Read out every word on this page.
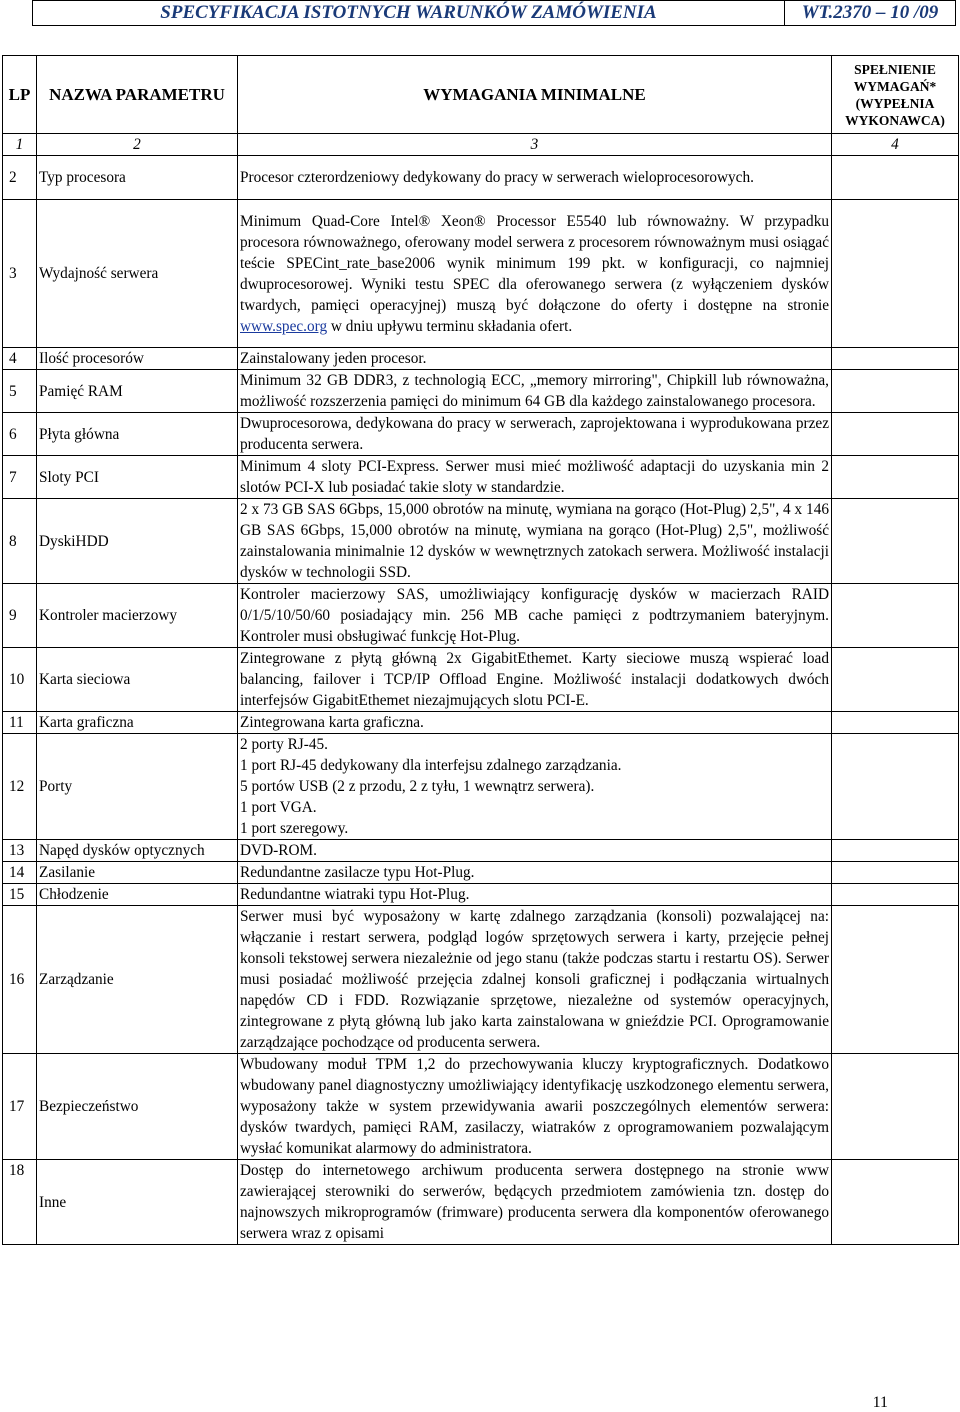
SPECYFIKACJA ISTOTNYCH WARUNKÓW ZAMÓWIENIA	WT.2370 – 10 /09
LP	NAZWA PARAMETRU	WYMAGANIA MINIMALNE	SPEŁNIENIE WYMAGAŃ* (WYPEŁNIA WYKONAWCA)
1	2	3	4
2	Typ procesora	Procesor czterordzeniowy dedykowany do pracy w serwerach wieloprocesorowych.	

3	Wydajność serwera	Minimum Quad-Core Intel® Xeon® Processor E5540 lub równoważny. W przypadku procesora równoważnego, oferowany model serwera z procesorem równoważnym musi osiągać teście SPECint_rate_base2006 wynik minimum 199 pkt. w konfiguracji, co najmniej dwuprocesorowej. Wyniki testu SPEC dla oferowanego serwera (z wyłączeniem dysków twardych, pamięci operacyjnej) muszą być dołączone do oferty i dostępne na stronie www.spec.org w dniu upływu terminu składania ofert.	

4	Ilość procesorów	Zainstalowany jeden procesor.	

5	Pamięć RAM	Minimum 32 GB DDR3, z technologią ECC, „memory mirroring", Chipkill lub równoważna, możliwość rozszerzenia pamięci do minimum 64 GB dla każdego zainstalowanego procesora.	

6	Płyta główna	Dwuprocesorowa, dedykowana do pracy w serwerach, zaprojektowana i wyprodukowana przez producenta serwera.	

7	Sloty PCI	Minimum 4 sloty PCI-Express. Serwer musi mieć możliwość adaptacji do uzyskania min 2 slotów PCI-X lub posiadać takie sloty w standardzie.	

8	DyskiHDD	2 x 73 GB SAS 6Gbps, 15,000 obrotów na minutę, wymiana na gorąco (Hot-Plug) 2,5", 4 x 146 GB SAS 6Gbps, 15,000 obrotów na minutę, wymiana na gorąco (Hot-Plug) 2,5", możliwość zainstalowania minimalnie 12 dysków w wewnętrznych zatokach serwera. Możliwość instalacji dysków w technologii SSD.	

9	Kontroler macierzowy	Kontroler macierzowy SAS, umożliwiający konfigurację dysków w macierzach RAID 0/1/5/10/50/60 posiadający min. 256 MB cache pamięci z podtrzymaniem bateryjnym. Kontroler musi obsługiwać funkcję Hot-Plug.	

10	Karta sieciowa	Zintegrowane z płytą główną 2x GigabitEthemet. Karty sieciowe muszą wspierać load balancing, failover i TCP/IP Offload Engine. Możliwość instalacji dodatkowych dwóch interfejsów GigabitEthemet niezajmujących slotu PCI-E.	

11	Karta graficzna	Zintegrowana karta graficzna.	

12	Porty	2 porty RJ-45.
1 port RJ-45 dedykowany dla interfejsu zdalnego zarządzania.
5 portów USB (2 z przodu, 2 z tyłu, 1 wewnątrz serwera).
1 port VGA.
1 port szeregowy.	

13	Napęd dysków optycznych	DVD-ROM.	

14	Zasilanie	Redundantne zasilacze typu Hot-Plug.	

15	Chłodzenie	Redundantne wiatraki typu Hot-Plug.	

16	Zarządzanie	Serwer musi być wyposażony w kartę zdalnego zarządzania (konsoli) pozwalającej na: włączanie i restart serwera, podgląd logów sprzętowych serwera i karty, przejęcie pełnej konsoli tekstowej serwera niezależnie od jego stanu (także podczas startu i restartu OS). Serwer musi posiadać możliwość przejęcia zdalnej konsoli graficznej i podłączania wirtualnych napędów CD i FDD. Rozwiązanie sprzętowe, niezależne od systemów operacyjnych, zintegrowane z płytą główną lub jako karta zainstalowana w gnieździe PCI. Oprogramowanie zarządzające pochodzące od producenta serwera.	

17	Bezpieczeństwo	Wbudowany moduł TPM 1,2 do przechowywania kluczy kryptograficznych. Dodatkowo wbudowany panel diagnostyczny umożliwiający identyfikację uszkodzonego elementu serwera, wyposażony także w system przewidywania awarii poszczególnych elementów serwera: dysków twardych, pamięci RAM, zasilaczy, wiatraków z oprogramowaniem pozwalającym wysłać komunikat alarmowy do administratora.	

18	Inne	Dostęp do internetowego archiwum producenta serwera dostępnego na stronie www zawierającej sterowniki do serwerów, będących przedmiotem zamówienia tzn. dostęp do najnowszych mikroprogramów (frimware) producenta serwera dla komponentów oferowanego serwera wraz z opisami	

11
